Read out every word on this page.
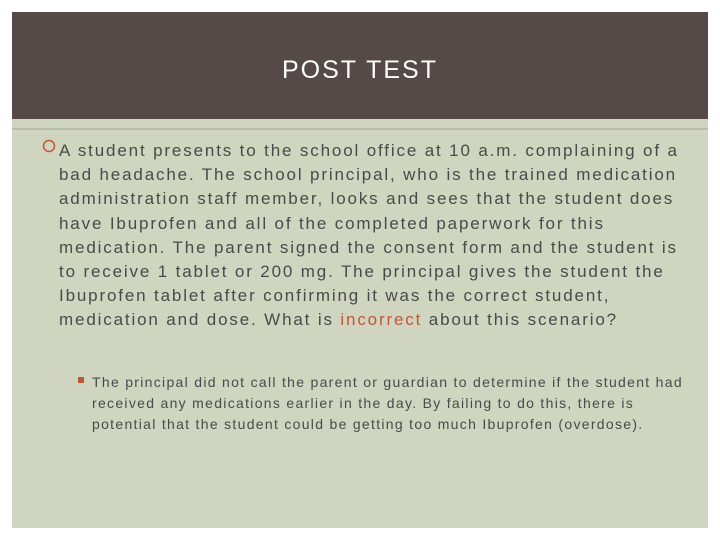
POST TEST
A student presents to the school office at 10 a.m. complaining of a bad headache. The school principal, who is the trained medication administration staff member, looks and sees that the student does have Ibuprofen and all of the completed paperwork for this medication. The parent signed the consent form and the student is to receive 1 tablet or 200 mg. The principal gives the student the Ibuprofen tablet after confirming it was the correct student, medication and dose. What is incorrect about this scenario?
The principal did not call the parent or guardian to determine if the student had received any medications earlier in the day. By failing to do this, there is potential that the student could be getting too much Ibuprofen (overdose).
